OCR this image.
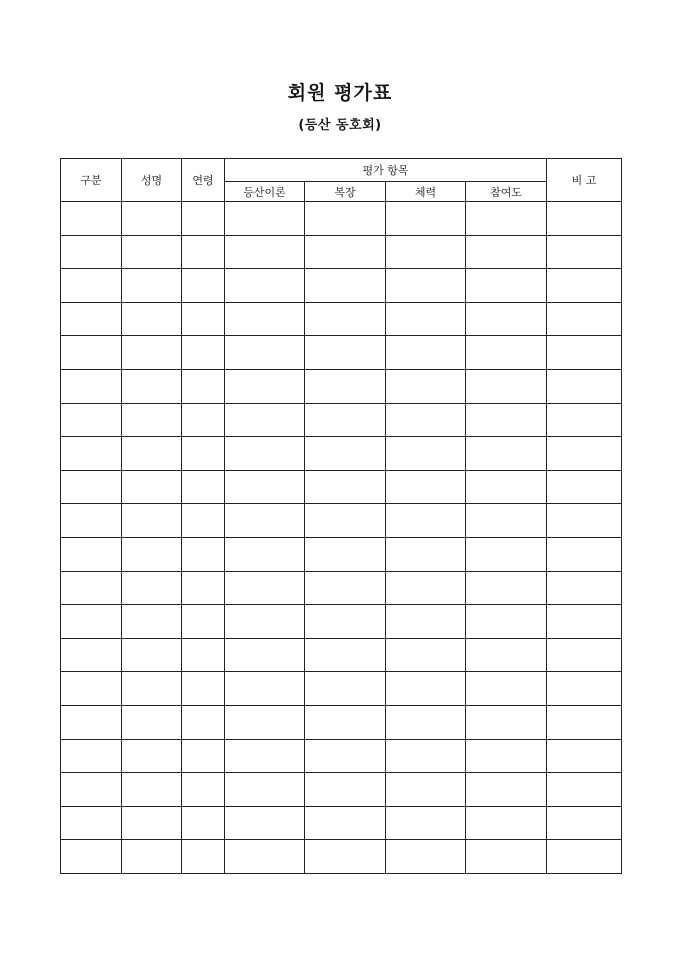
회원 평가표
(등산 동호회)
구분	성명	연령	평가 항목				비 고
			등산이론	복장	체력	참여도	
